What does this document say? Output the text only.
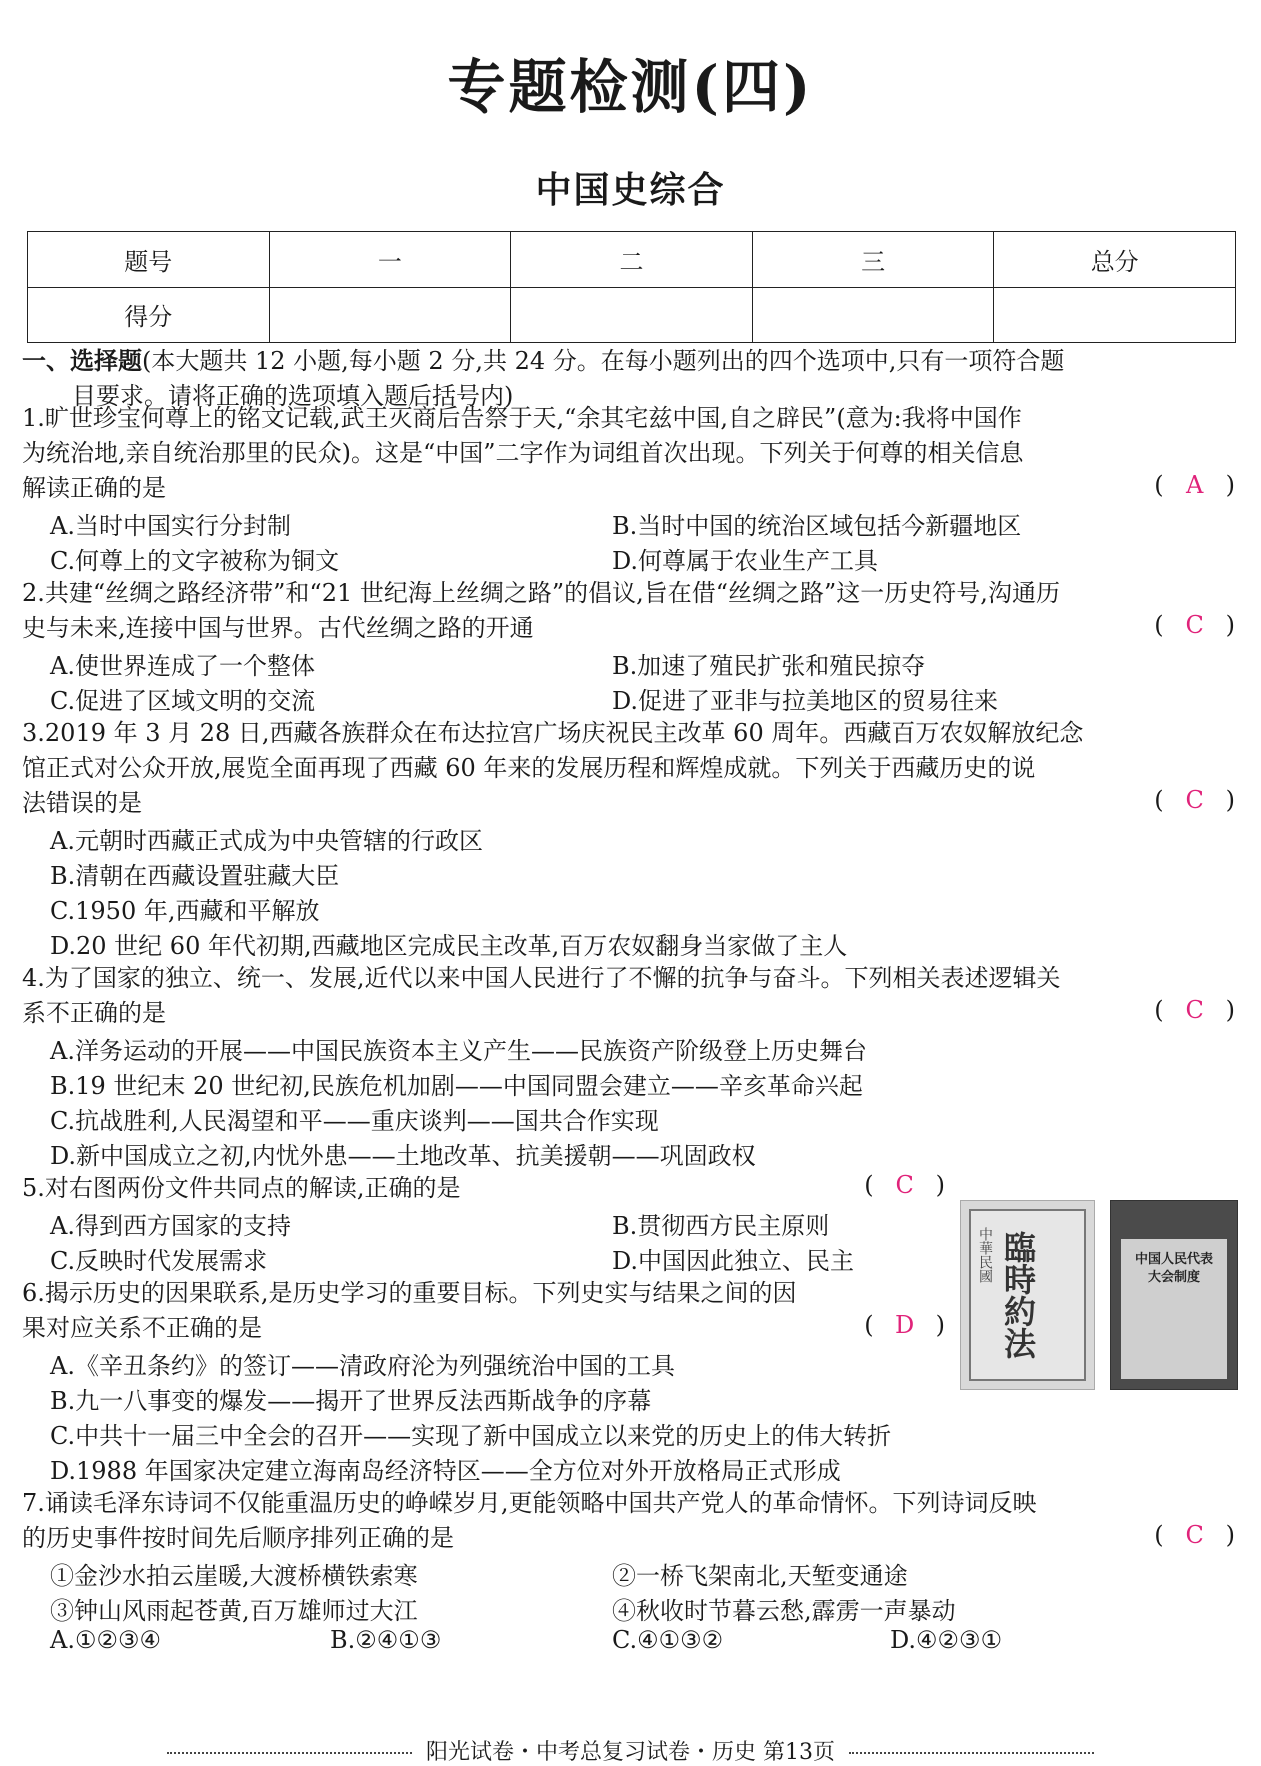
专题检测(四)
中国史综合
题号	一	二	三	总分
得分				

一、选择题(本大题共 12 小题,每小题 2 分,共 24 分。在每小题列出的四个选项中,只有一项符合题

目要求。请将正确的选项填入题后括号内)

1.旷世珍宝何尊上的铭文记载,武王灭商后告祭于天,“余其宅兹中国,自之辟民”(意为:我将中国作

为统治地,亲自统治那里的民众)。这是“中国”二字作为词组首次出现。下列关于何尊的相关信息

解读正确的是	( A )
A.当时中国实行分封制	B.当时中国的统治区域包括今新疆地区
C.何尊上的文字被称为铜文	D.何尊属于农业生产工具

2.共建“丝绸之路经济带”和“21 世纪海上丝绸之路”的倡议,旨在借“丝绸之路”这一历史符号,沟通历

史与未来,连接中国与世界。古代丝绸之路的开通	( C )
A.使世界连成了一个整体	B.加速了殖民扩张和殖民掠夺
C.促进了区域文明的交流	D.促进了亚非与拉美地区的贸易往来

3.2019 年 3 月 28 日,西藏各族群众在布达拉宫广场庆祝民主改革 60 周年。西藏百万农奴解放纪念

馆正式对公众开放,展览全面再现了西藏 60 年来的发展历程和辉煌成就。下列关于西藏历史的说

法错误的是	( C )
A.元朝时西藏正式成为中央管辖的行政区
B.清朝在西藏设置驻藏大臣
C.1950 年,西藏和平解放
D.20 世纪 60 年代初期,西藏地区完成民主改革,百万农奴翻身当家做了主人

4.为了国家的独立、统一、发展,近代以来中国人民进行了不懈的抗争与奋斗。下列相关表述逻辑关

系不正确的是	( C )
A.洋务运动的开展——中国民族资本主义产生——民族资产阶级登上历史舞台
B.19 世纪末 20 世纪初,民族危机加剧——中国同盟会建立——辛亥革命兴起
C.抗战胜利,人民渴望和平——重庆谈判——国共合作实现
D.新中国成立之初,内忧外患——土地改革、抗美援朝——巩固政权

5.对右图两份文件共同点的解读,正确的是	( C )
A.得到西方国家的支持	B.贯彻西方民主原则
C.反映时代发展需求	D.中国因此独立、民主	臨時約法
中華民國	中国人民代表大会制度

6.揭示历史的因果联系,是历史学习的重要目标。下列史实与结果之间的因

果对应关系不正确的是	( D )
A.《辛丑条约》的签订——清政府沦为列强统治中国的工具
B.九一八事变的爆发——揭开了世界反法西斯战争的序幕
C.中共十一届三中全会的召开——实现了新中国成立以来党的历史上的伟大转折
D.1988 年国家决定建立海南岛经济特区——全方位对外开放格局正式形成

7.诵读毛泽东诗词不仅能重温历史的峥嵘岁月,更能领略中国共产党人的革命情怀。下列诗词反映

的历史事件按时间先后顺序排列正确的是	( C )
①金沙水拍云崖暖,大渡桥横铁索寒	②一桥飞架南北,天堑变通途
③钟山风雨起苍黄,百万雄师过大江	④秋收时节暮云愁,霹雳一声暴动
A.①②③④	B.②④①③	C.④①③②	D.④②③①
阳光试卷・中考总复习试卷・历史 第13页
